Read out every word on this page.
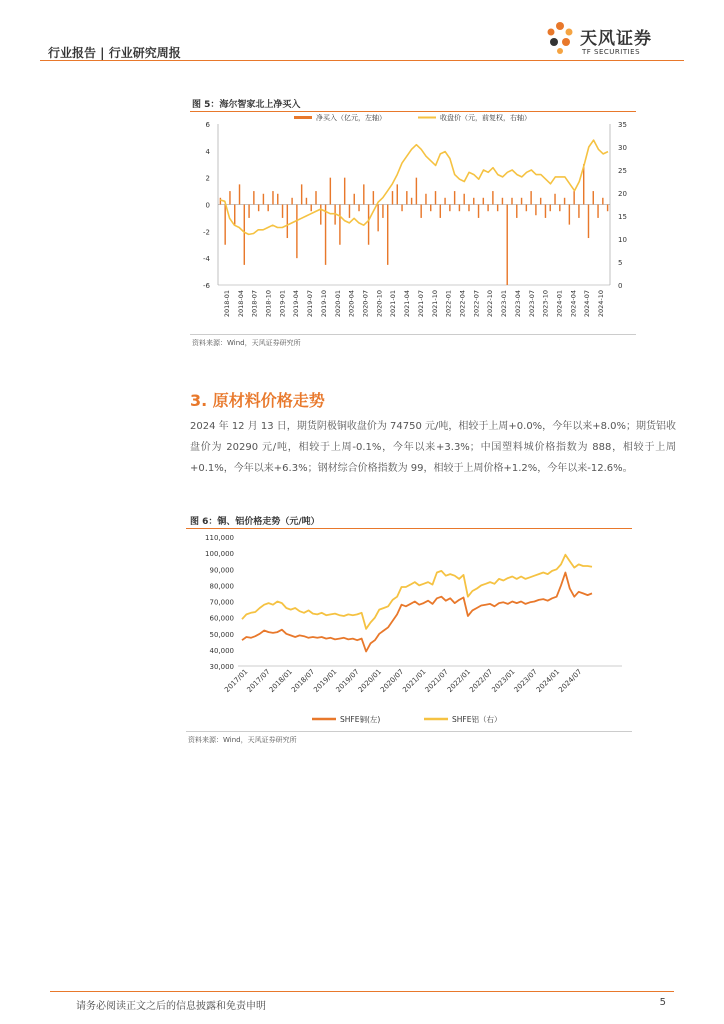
行业报告 | 行业研究周报
天风证券
TF SECURITIES
图 5：海尔智家北上净买入
6
4
2
0
-2
-4
-6
35
30
25
20
15
10
5
0
2018-01 2018-04 2018-07 2018-10 2019-01 2019-04 2019-07 2019-10 2020-01 2020-04 2020-07 2020-10 2021-01 2021-04 2021-07 2021-10 2022-01 2022-04 2022-07 2022-10 2023-01 2023-04 2023-07 2023-10 2024-01 2024-04 2024-07 2024-10
净买入（亿元，左轴）	收盘价（元，前复权，右轴）
资料来源：Wind，天风证券研究所
3. 原材料价格走势
2024 年 12 月 13 日，期货阴极铜收盘价为 74750 元/吨，相较于上周+0.0%，今年以来+8.0%；期货铝收盘价为 20290 元/吨，相较于上周-0.1%，今年以来+3.3%；中国塑料城价格指数为 888，相较于上周+0.1%，今年以来+6.3%；钢材综合价格指数为 99，相较于上周价格+1.2%，今年以来-12.6%。
图 6：铜、铝价格走势（元/吨）
110,000
100,000
90,000
80,000
70,000
60,000
50,000
40,000
30,000
2017/01
2017/07
2018/01
2018/07
2019/01
2019/07
2020/01
2020/07
2021/01
2021/07
2022/01
2022/07
2023/01
2023/07
2024/01
2024/07
SHFE铜(左)	SHFE铝（右）
资料来源：Wind，天风证券研究所
请务必阅读正文之后的信息披露和免责申明	5
